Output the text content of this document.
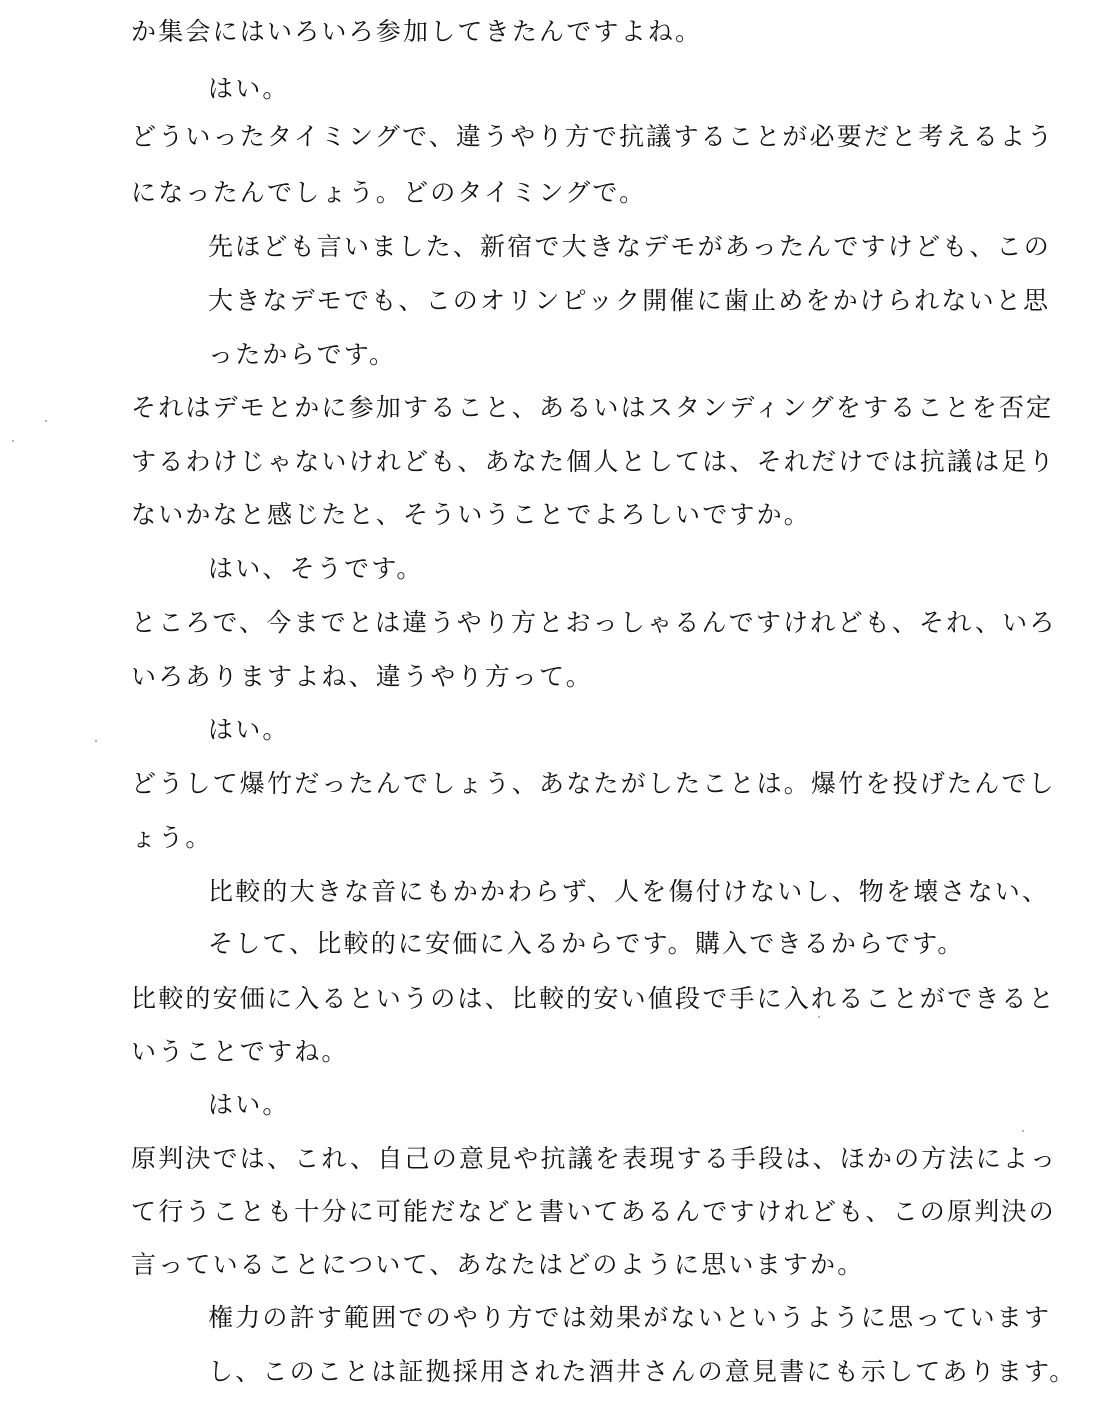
か集会にはいろいろ参加してきたんですよね。

はい。

どういったタイミングで、違うやり方で抗議することが必要だと考えるよう

になったんでしょう。どのタイミングで。

先ほども言いました、新宿で大きなデモがあったんですけども、この

大きなデモでも、このオリンピック開催に歯止めをかけられないと思

ったからです。

それはデモとかに参加すること、あるいはスタンディングをすることを否定

するわけじゃないけれども、あなた個人としては、それだけでは抗議は足り

ないかなと感じたと、そういうことでよろしいですか。

はい、そうです。

ところで、今までとは違うやり方とおっしゃるんですけれども、それ、いろ

いろありますよね、違うやり方って。

はい。

どうして爆竹だったんでしょう、あなたがしたことは。爆竹を投げたんでし

ょう。

比較的大きな音にもかかわらず、人を傷付けないし、物を壊さない、

そして、比較的に安価に入るからです。購入できるからです。

比較的安価に入るというのは、比較的安い値段で手に入れることができると

いうことですね。

はい。

原判決では、これ、自己の意見や抗議を表現する手段は、ほかの方法によっ

て行うことも十分に可能だなどと書いてあるんですけれども、この原判決の

言っていることについて、あなたはどのように思いますか。

権力の許す範囲でのやり方では効果がないというように思っています

し、このことは証拠採用された酒井さんの意見書にも示してあります。
